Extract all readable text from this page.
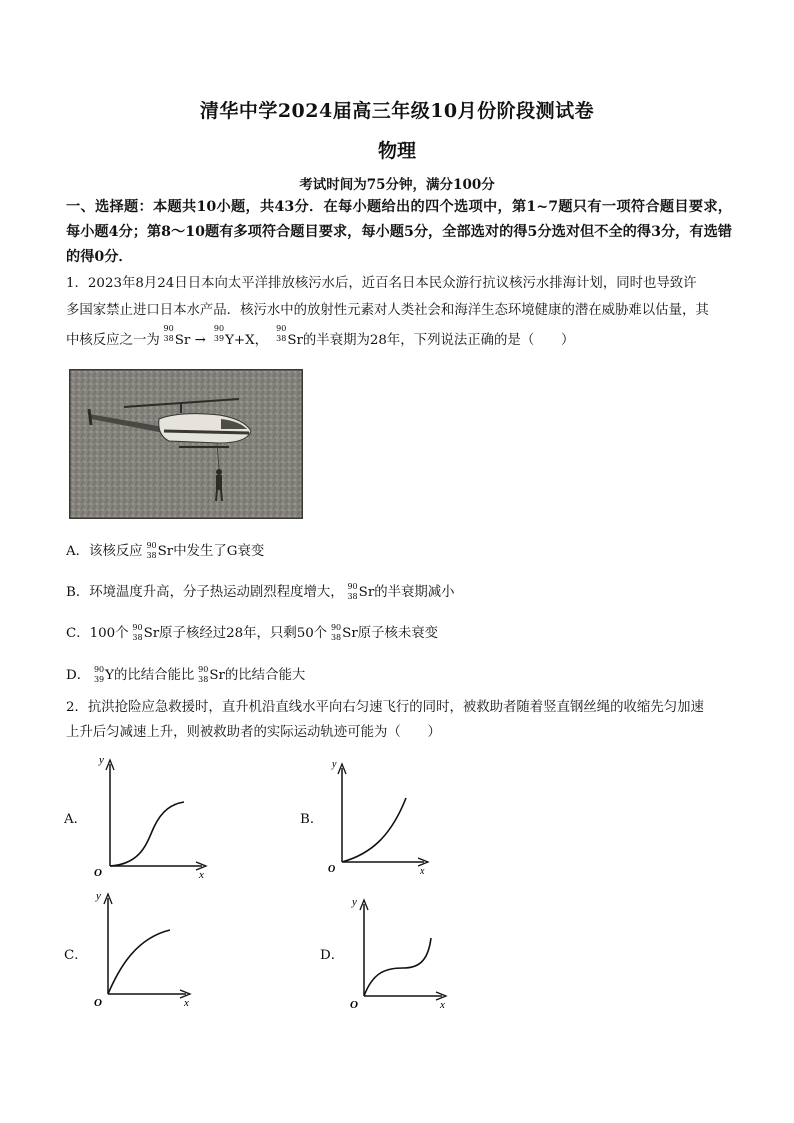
清华中学2024届高三年级10月份阶段测试卷
物理
考试时间为75分钟，满分100分
一、选择题：本题共10小题，共43分．在每小题给出的四个选项中，第1~7题只有一项符合题目要求，每小题4分；第8～10题有多项符合题目要求，每小题5分，全部选对的得5分选对但不全的得3分，有选错的得0分．
1．2023年8月24日日本向太平洋排放核污水后，近百名日本民众游行抗议核污水排海计划，同时也导致许
多国家禁止进口日本水产品．核污水中的放射性元素对人类社会和海洋生态环境健康的潜在威胁难以估量，其
中核反应之一为
90
38 Sr →
90
39 Y+X，
90
38 Sr的半衰期为28年，下列说法正确的是（　　）
A．该核反应 90
38 Sr中发生了G衰变
B．环境温度升高，分子热运动剧烈程度增大， 90
38 Sr的半衰期减小
C．100个 90
38 Sr原子核经过28年，只剩50个 90
38 Sr原子核未衰变
D． 90
39 Y的比结合能比 90
38 Sr的比结合能大
2．抗洪抢险应急救援时，直升机沿直线水平向右匀速飞行的同时，被救助者随着竖直钢丝绳的收缩先匀加速
上升后匀减速上升，则被救助者的实际运动轨迹可能为（　　）
A．
y
x
O
B．
y
x
O
C．
y
x
O
D．
y
x
O
